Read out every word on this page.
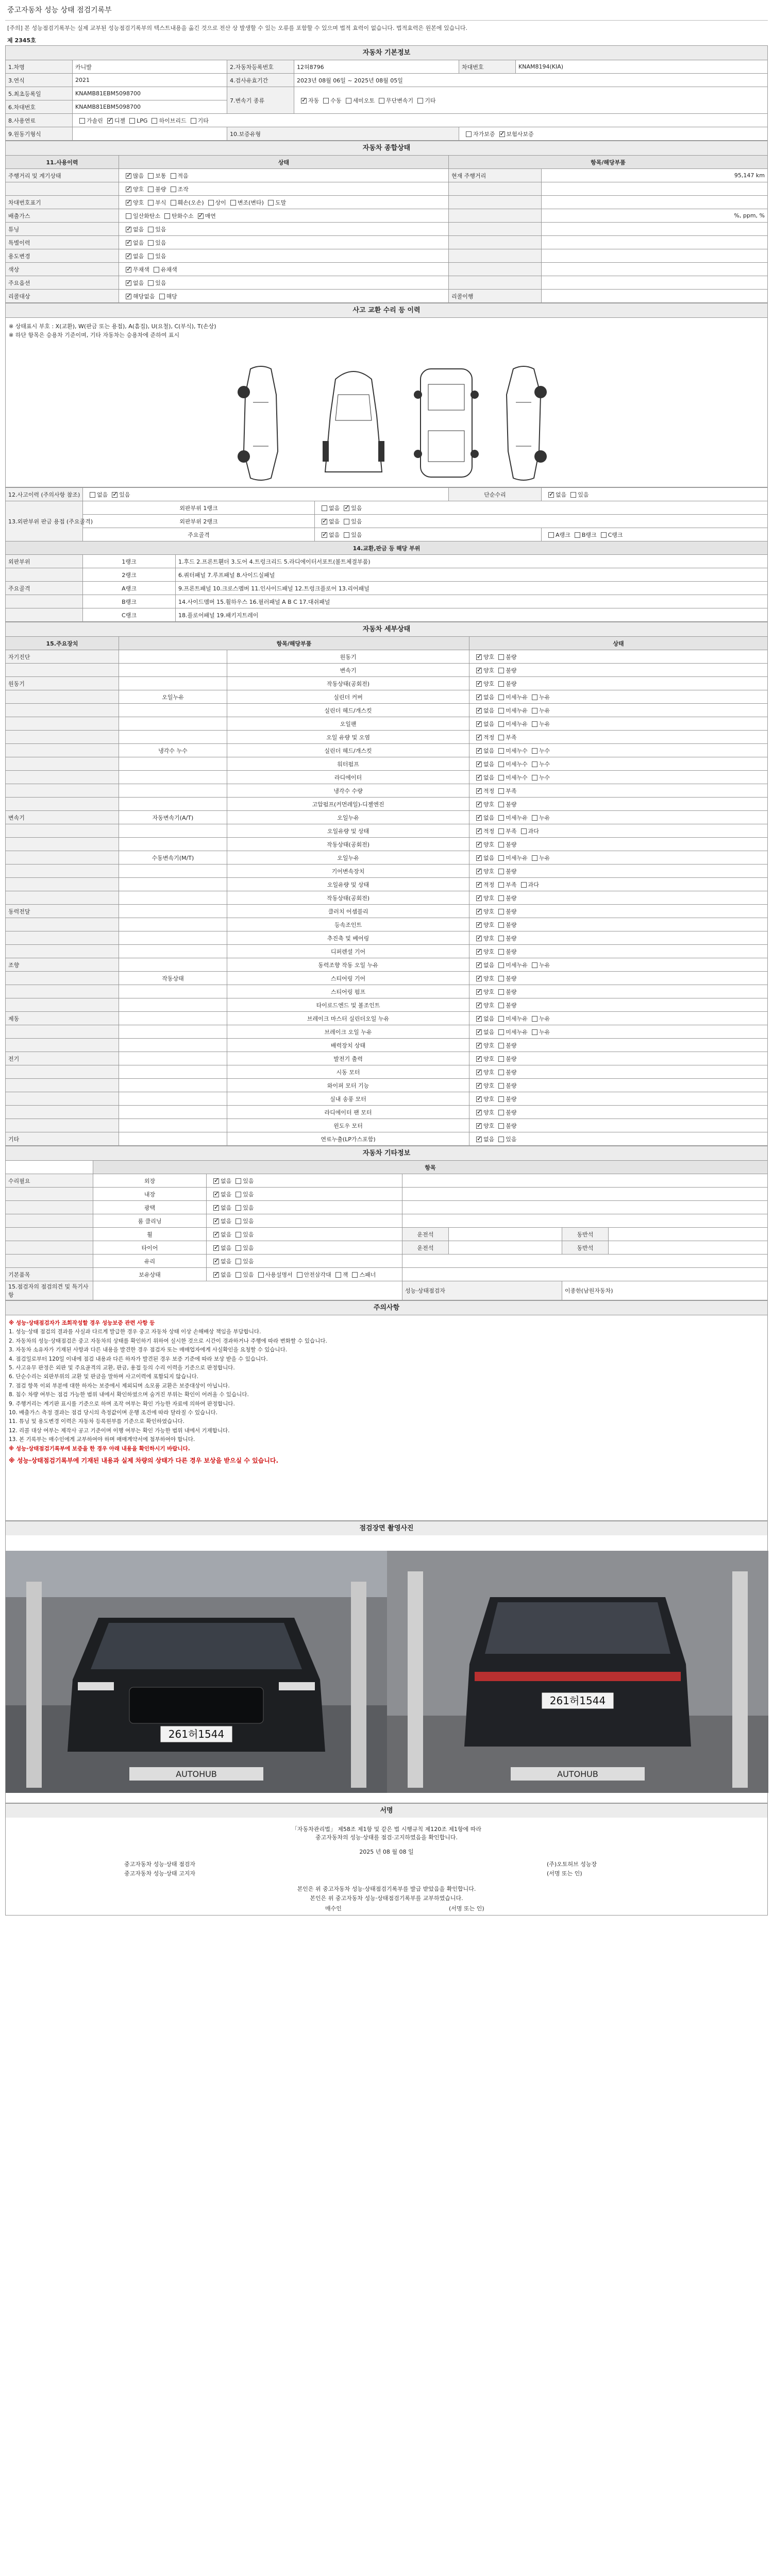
중고자동차 성능 상태 점검기록부
[주의] 본 성능점검기록부는 실제 교부된 성능점검기록부의 텍스트내용을 옮긴 것으로 전산 상 발생할 수 있는 오류를 포함할 수 있으며 법적 효력이 없습니다. 법적효력은 원본에 있습니다.
제 2345호
자동차 기본정보
1.차명	카니발	2.자동차등록번호	12허8796	차대번호	KNAM8194(KIA)
3.연식	2021	4.검사유효기간	2023년 08월 06일 ~ 2025년 08월 05일		
5.최초등록일	KNAMB81EBM5098700	7.변속기 종류	✓자동 수동 세미오토 무단변속기 기타
6.차대번호	KNAMB81EBM5098700				
8.사용연료	가솔린 ✓ 디젤 LPG 하이브리드 기타
9.원동기형식		10.보증유형		자가보증 ✓ 보험사보증
자동차 종합상태
11.사용이력	상태	항목/해당부품	
주행거리 및 계기상태	✓많음 보통 적음	현재 주행거리	95,147 km
	✓양호 불량 조작		
차대번호표기	✓양호 부식 훼손(오손) 상이 변조(변타) 도말		
배출가스	일산화탄소 탄화수소 ✓ 매연		%, ppm, %
튜닝	✓없음 있음		
특별이력	✓없음 있음		
용도변경	✓없음 있음		
색상	✓무채색 유채색		
주요옵션	✓없음 있음		
리콜대상	✓해당없음 해당	리콜이행	
사고 교환 수리 등 이력
※ 상태표시 부호 : X(교환), W(판금 또는 용접), A(흠집), U(요철), C(부식), T(손상)
※ 하단 항목은 승용차 기준이며, 기타 자동차는 승용차에 준하여 표시
12.사고이력 (주의사항 참조)	없음 ✓ 있음			단순수리	✓없음 있음
13.외판부위 판금 용접 (주요골격)	외판부위 1랭크		없음 ✓ 있음
	외판부위 2랭크	✓없음 있음
	주요골격	✓없음 있음		A랭크 B랭크 C랭크
14.교환,판금 등 해당 부위					
외판부위	1랭크	1.후드 2.프론트휀더 3.도어 4.트렁크리드 5.라디에이터서포트(볼트체결부품)			
	2랭크	6.쿼터패널 7.루프패널 8.사이드실패널			
주요골격	A랭크	9.프론트패널 10.크로스멤버 11.인사이드패널 12.트렁크플로어 13.리어패널			
	B랭크	14.사이드멤버 15.휠하우스 16.필러패널 A B C 17.대쉬패널			
	C랭크	18.플로어패널 19.패키지트레이			
자동차 세부상태
15.주요장치	항목/해당부품		상태
자기진단		원동기	✓양호 불량
		변속기	✓양호 불량
원동기		작동상태(공회전)	✓양호 불량
	오일누유	실린더 커버	✓없음 미세누유 누유
		실린더 헤드/개스킷	✓없음 미세누유 누유
		오일팬	✓없음 미세누유 누유
		오일 유량 및 오염	✓적정 부족
	냉각수 누수	실린더 헤드/개스킷	✓없음 미세누수 누수
		워터펌프	✓없음 미세누수 누수
		라디에이터	✓없음 미세누수 누수
		냉각수 수량	✓적정 부족
		고압펌프(커먼레일)-디젤엔진	✓양호 불량
변속기	자동변속기(A/T)	오일누유	✓없음 미세누유 누유
		오일유량 및 상태	✓적정 부족 과다
		작동상태(공회전)	✓양호 불량
	수동변속기(M/T)	오일누유	✓없음 미세누유 누유
		기어변속장치	✓양호 불량
		오일유량 및 상태	✓적정 부족 과다
		작동상태(공회전)	✓양호 불량
동력전달		클러치 어셈블리	✓양호 불량
		등속조인트	✓양호 불량
		추진축 및 베어링	✓양호 불량
		디퍼렌셜 기어	✓양호 불량
조향		동력조향 작동 오일 누유	✓없음 미세누유 누유
	작동상태	스티어링 기어	✓양호 불량
		스티어링 펌프	✓양호 불량
		타이로드엔드 및 볼조인트	✓양호 불량
제동		브레이크 마스터 실린더오일 누유	✓없음 미세누유 누유
		브레이크 오일 누유	✓없음 미세누유 누유
		배력장치 상태	✓양호 불량
전기		발전기 출력	✓양호 불량
		시동 모터	✓양호 불량
		와이퍼 모터 기능	✓양호 불량
		실내 송풍 모터	✓양호 불량
		라디에이터 팬 모터	✓양호 불량
		윈도우 모터	✓양호 불량
기타		연료누출(LP가스포함)	✓없음 있음
자동차 기타정보
	항목					
수리필요	외장	✓없음 있음	
	내장	✓없음 있음	
	광택	✓없음 있음	
	룸 클리닝	✓없음 있음	
	휠	✓없음 있음	운전석		동반석	
	타이어	✓없음 있음	운전석		동반석	
	유리	✓없음 있음	
기본품목	보유상태	✓없음 있음 사용설명서 안전삼각대 잭 스패너	
15.점검자의 점검의견 및 특기사항			성능·상태점검자		이종한(남원자동차)	
주의사항

※ 성능·상태점검자가 조회작성할 경우 성능보증 관련 사항 등

1. 성능·상태 점검의 결과를 사실과 다르게 발급한 경우 중고 자동차 상태 이상 손해배상 책임을 부담합니다.

2. 자동차의 성능·상태점검은 중고 자동차의 상태를 확인하기 위하여 실시한 것으로 시간이 경과하거나 주행에 따라 변화할 수 있습니다.

3. 자동차 소유자가 기재된 사항과 다른 내용을 발견한 경우 점검자 또는 매매업자에게 사실확인을 요청할 수 있습니다.

4. 점검일로부터 120일 이내에 점검 내용과 다른 하자가 발견된 경우 보증 기준에 따라 보상 받을 수 있습니다.

5. 사고유무 판정은 외판 및 주요골격의 교환, 판금, 용접 등의 수리 이력을 기준으로 판정합니다.

6. 단순수리는 외판부위의 교환 및 판금을 말하며 사고이력에 포함되지 않습니다.

7. 점검 항목 이외 부분에 대한 하자는 보증에서 제외되며 소모품 교환은 보증대상이 아닙니다.

8. 침수 차량 여부는 점검 가능한 범위 내에서 확인하였으며 숨겨진 부위는 확인이 어려울 수 있습니다.

9. 주행거리는 계기판 표시를 기준으로 하며 조작 여부는 확인 가능한 자료에 의하여 판정합니다.

10. 배출가스 측정 결과는 점검 당시의 측정값이며 운행 조건에 따라 달라질 수 있습니다.

11. 튜닝 및 용도변경 이력은 자동차 등록원부를 기준으로 확인하였습니다.

12. 리콜 대상 여부는 제작사 공고 기준이며 이행 여부는 확인 가능한 범위 내에서 기재합니다.

13. 본 기록부는 매수인에게 교부하여야 하며 매매계약서에 첨부하여야 합니다.

※ 성능·상태점검기록부에 보증을 한 경우 아래 내용을 확인하시기 바랍니다.

※ 성능·상태점검기록부에 기재된 내용과 실제 차량의 상태가 다른 경우 보상을 받으실 수 있습니다.

점검장면 촬영사진
261허1544
AUTOHUB
261허1544
AUTOHUB
서명
「자동차관리법」 제58조 제1항 및 같은 법 시행규칙 제120조 제1항에 따라
중고자동차의 성능·상태를 점검·고지하였음을 확인합니다.
2025 년 08 월 08 일
중고자동차 성능·상태 점검자
중고자동차 성능·상태 고지자
(주)오토허브 성능장
(서명 또는 인)
본인은 위 중고자동차 성능·상태점검기록부를 발급 받았음을 확인합니다.
본인은 위 중고자동차 성능·상태점검기록부를 교부하였습니다.
매수인	(서명 또는 인)
